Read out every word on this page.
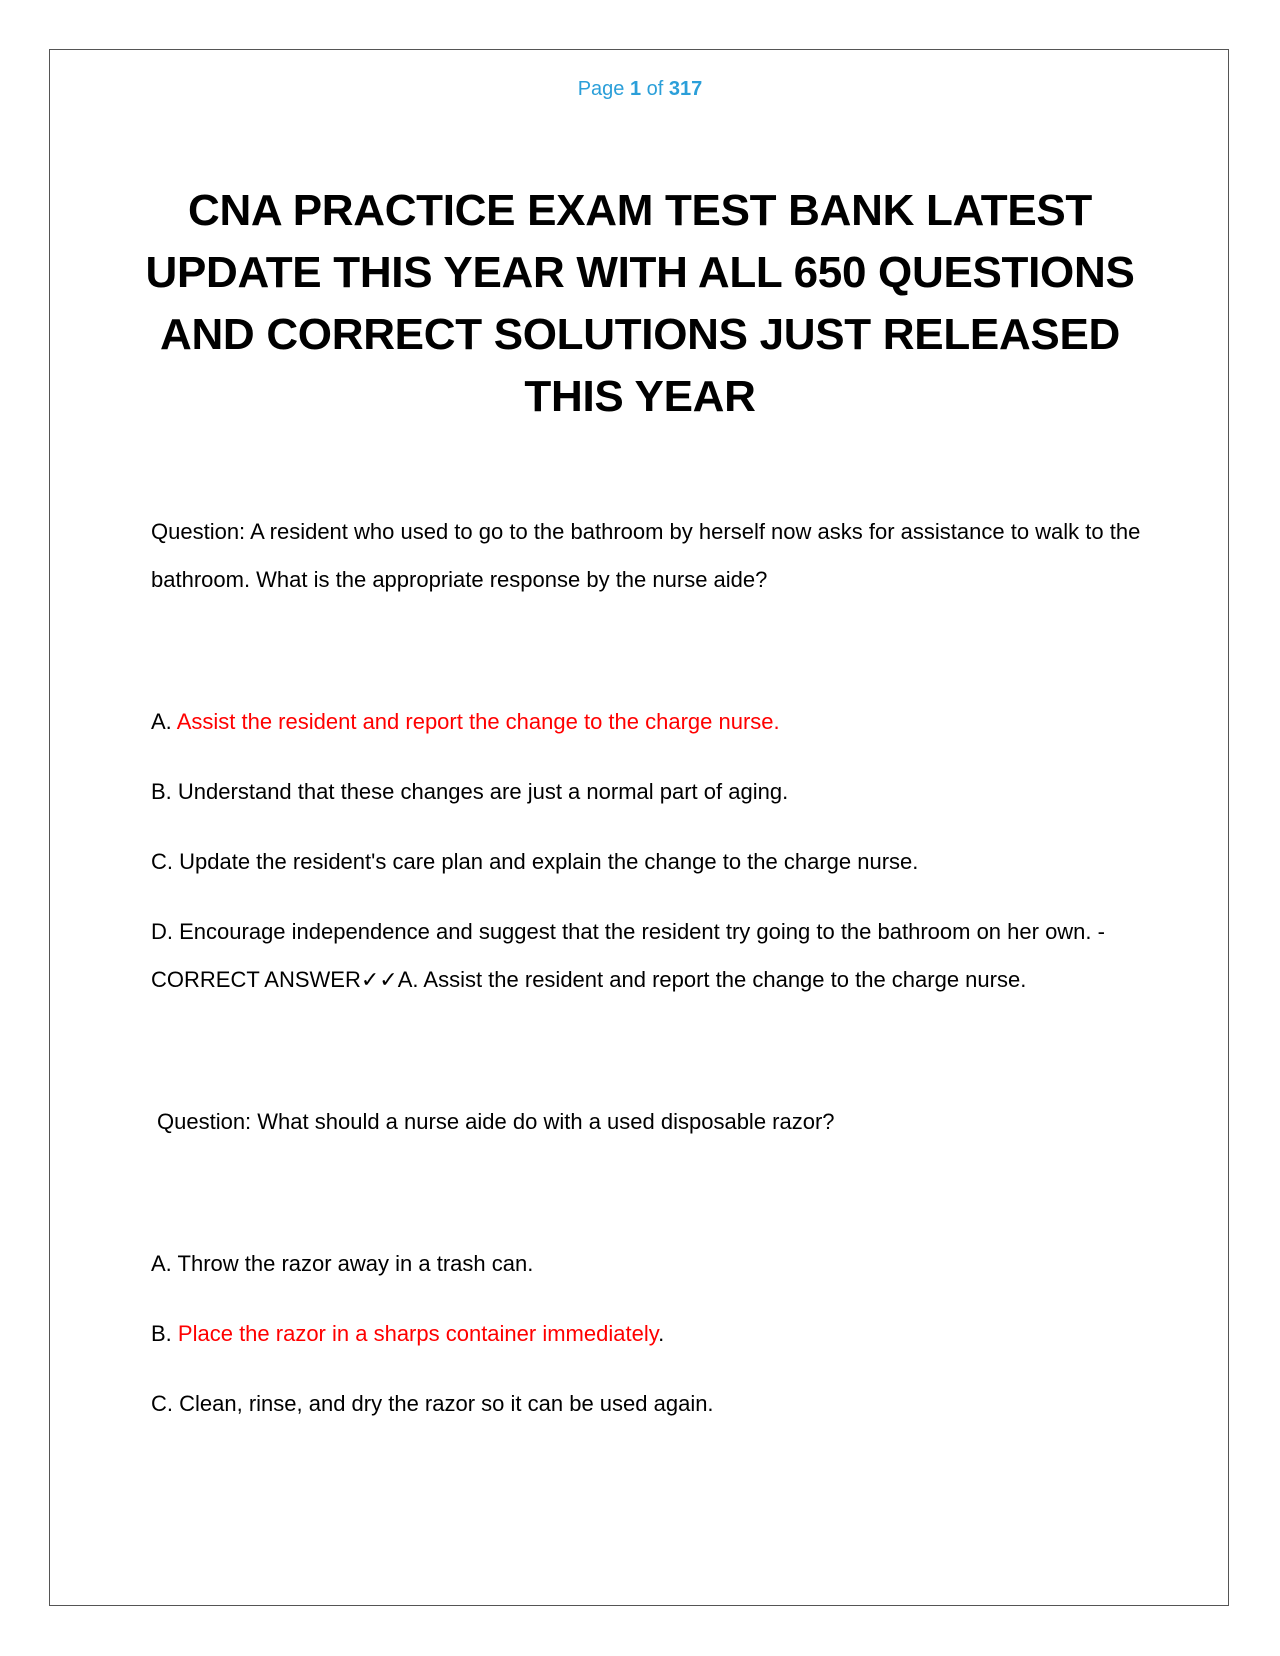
Page 1 of 317
CNA PRACTICE EXAM TEST BANK LATEST UPDATE THIS YEAR WITH ALL 650 QUESTIONS AND CORRECT SOLUTIONS JUST RELEASED THIS YEAR

Question: A resident who used to go to the bathroom by herself now asks for assistance to walk to the bathroom. What is the appropriate response by the nurse aide?

A. Assist the resident and report the change to the charge nurse.

B. Understand that these changes are just a normal part of aging.

C. Update the resident's care plan and explain the change to the charge nurse.

D. Encourage independence and suggest that the resident try going to the bathroom on her own. - CORRECT ANSWER✓✓A. Assist the resident and report the change to the charge nurse.

Question: What should a nurse aide do with a used disposable razor?

A. Throw the razor away in a trash can.

B. Place the razor in a sharps container immediately.

C. Clean, rinse, and dry the razor so it can be used again.
